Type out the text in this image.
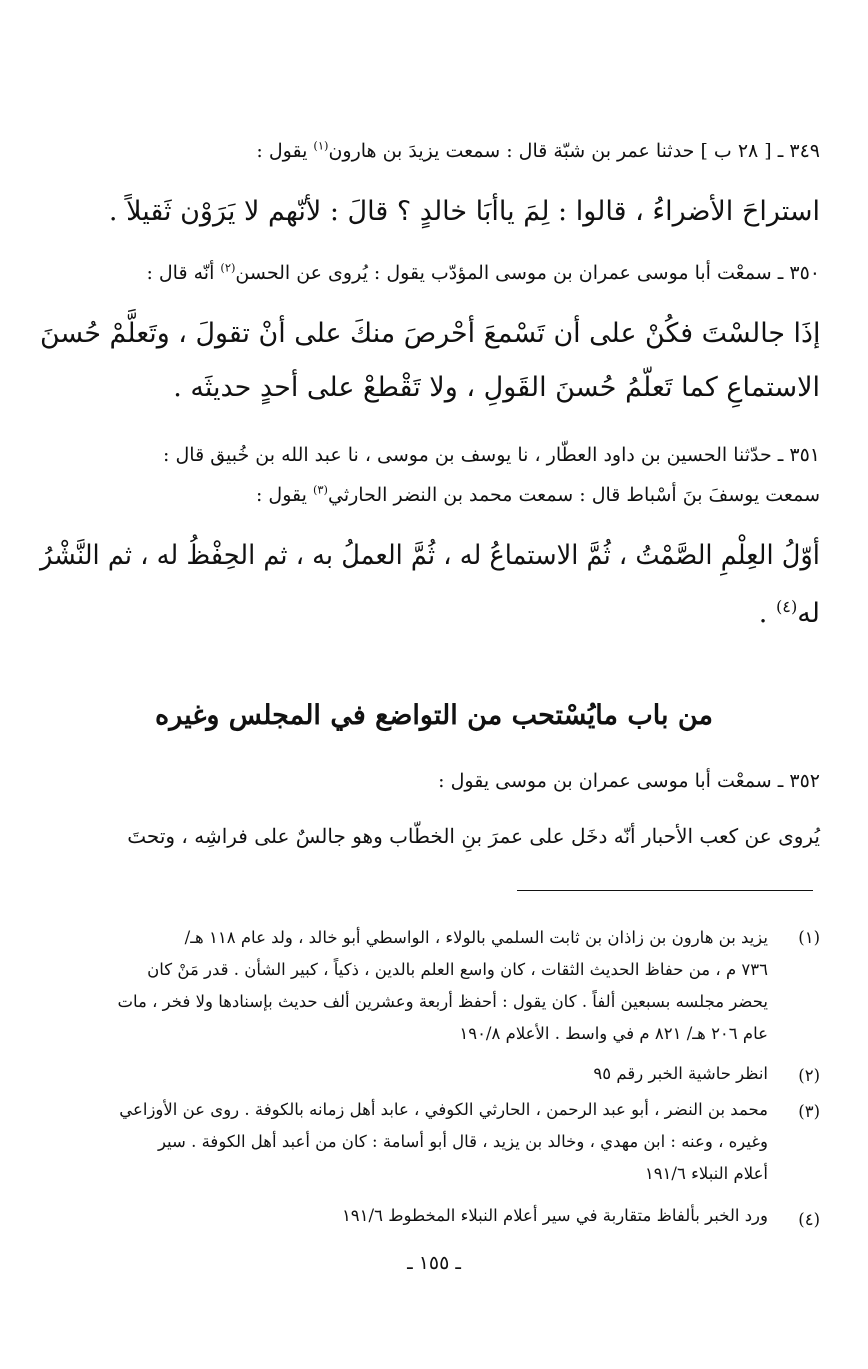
٣٤٩ ـ [ ٢٨ ب ] حدثنا عمر بن شبّة قال : سمعت يزيدَ بن هارون$^{(١)}$ يقول :
استراحَ الأضراءُ ، قالوا : لِمَ ياأبَا خالدٍ ؟ قالَ : لأنّهم لا يَرَوْن ثَقيلاً .
٣٥٠ ـ سمعْت أبا موسى عمران بن موسى المؤدّب يقول : يُروى عن الحسن$^{(٢)}$ أنّه قال :
إذَا جالسْتَ فكُنْ على أن تَسْمعَ أحْرصَ منكَ على أنْ تقولَ ، وتَعلَّمْ حُسنَ
الاستماعِ كما تَعلّمُ حُسنَ القَولِ ، ولا تَقْطعْ على أحدٍ حديثَه .
٣٥١ ـ حدّثنا الحسين بن داود العطّار ، نا يوسف بن موسى ، نا عبد الله بن خُبيق قال :
سمعت يوسفَ بنَ أسْباط قال : سمعت محمد بن النضر الحارثي$^{(٣)}$ يقول :
أوّلُ العِلْمِ الصَّمْتُ ، ثُمَّ الاستماعُ له ، ثُمَّ العملُ به ، ثم الحِفْظُ له ، ثم النَّشْرُ
له$^{(٤)}$ .
من باب مايُسْتحب من التواضع في المجلس وغيره
٣٥٢ ـ سمعْت أبا موسى عمران بن موسى يقول :
يُروى عن كعب الأحبار أنّه دخَل على عمرَ بنِ الخطّاب وهو جالسٌ على فراشِه ، وتحتَ
(١)
يزيد بن هارون بن زاذان بن ثابت السلمي بالولاء ، الواسطي أبو خالد ، ولد عام ١١٨ هـ/
٧٣٦ م ، من حفاظ الحديث الثقات ، كان واسع العلم بالدين ، ذكياً ، كبير الشأن . قدر مَنْ كان
يحضر مجلسه بسبعين ألفاً . كان يقول : أحفظ أربعة وعشرين ألف حديث بإسنادها ولا فخر ، مات
عام ٢٠٦ هـ/ ٨٢١ م في واسط . الأعلام ١٩٠/٨
(٢)
انظر حاشية الخبر رقم ٩٥
(٣)
محمد بن النضر ، أبو عبد الرحمن ، الحارثي الكوفي ، عابد أهل زمانه بالكوفة . روى عن الأوزاعي
وغيره ، وعنه : ابن مهدي ، وخالد بن يزيد ، قال أبو أسامة : كان من أعبد أهل الكوفة . سير
أعلام النبلاء ١٩١/٦
(٤)
ورد الخبر بألفاظ متقاربة في سير أعلام النبلاء المخطوط ١٩١/٦
ـ ١٥٥ ـ
